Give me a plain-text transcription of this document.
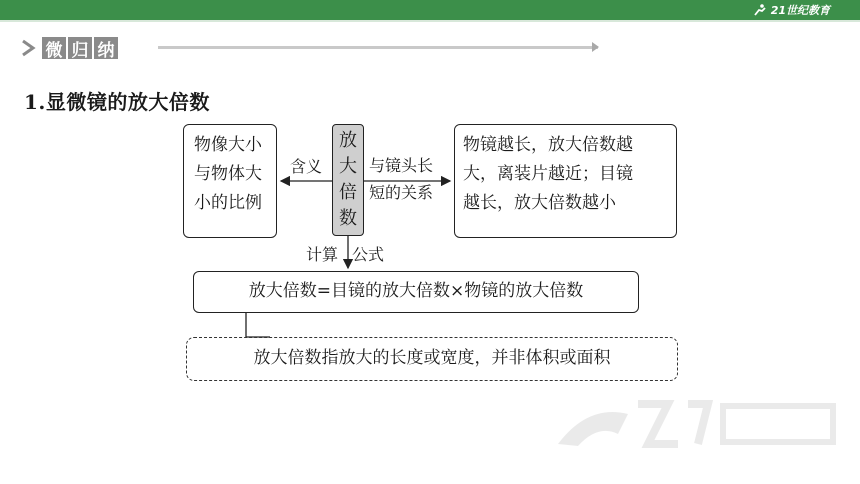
21世纪教育
微 归 纳
1.显微镜的放大倍数
物像大小
与物体大
小的比例
放
大
倍
数
物镜越长，放大倍数越
大，离装片越近；目镜
越长，放大倍数越小
含义	与镜头长
短的关系
计算 公式
放大倍数=目镜的放大倍数×物镜的放大倍数
放大倍数指放大的长度或宽度，并非体积或面积
